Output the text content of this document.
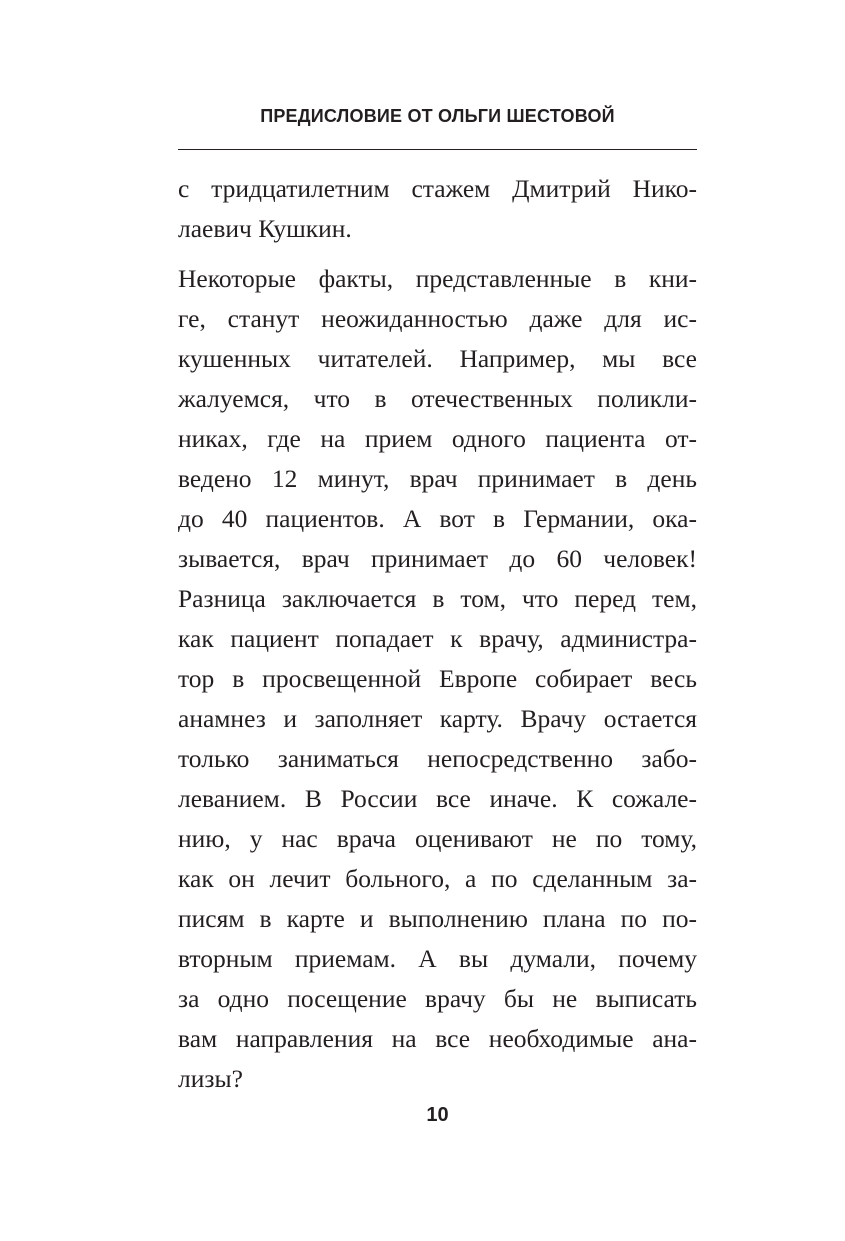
ПРЕДИСЛОВИЕ ОТ ОЛЬГИ ШЕСТОВОЙ

с тридцатилетним стажем Дмитрий Нико-
лаевич Кушкин.

Некоторые факты, представленные в кни-
ге, станут неожиданностью даже для ис-
кушенных читателей. Например, мы все
жалуемся, что в отечественных поликли-
никах, где на прием одного пациента от-
ведено 12 минут, врач принимает в день
до 40 пациентов. А вот в Германии, ока-
зывается, врач принимает до 60 человек!
Разница заключается в том, что перед тем,
как пациент попадает к врачу, администра-
тор в просвещенной Европе собирает весь
анамнез и заполняет карту. Врачу остается
только заниматься непосредственно забо-
леванием. В России все иначе. К сожале-
нию, у нас врача оценивают не по тому,
как он лечит больного, а по сделанным за-
писям в карте и выполнению плана по по-
вторным приемам. А вы думали, почему
за одно посещение врачу бы не выписать
вам направления на все необходимые ана-
лизы?

10
